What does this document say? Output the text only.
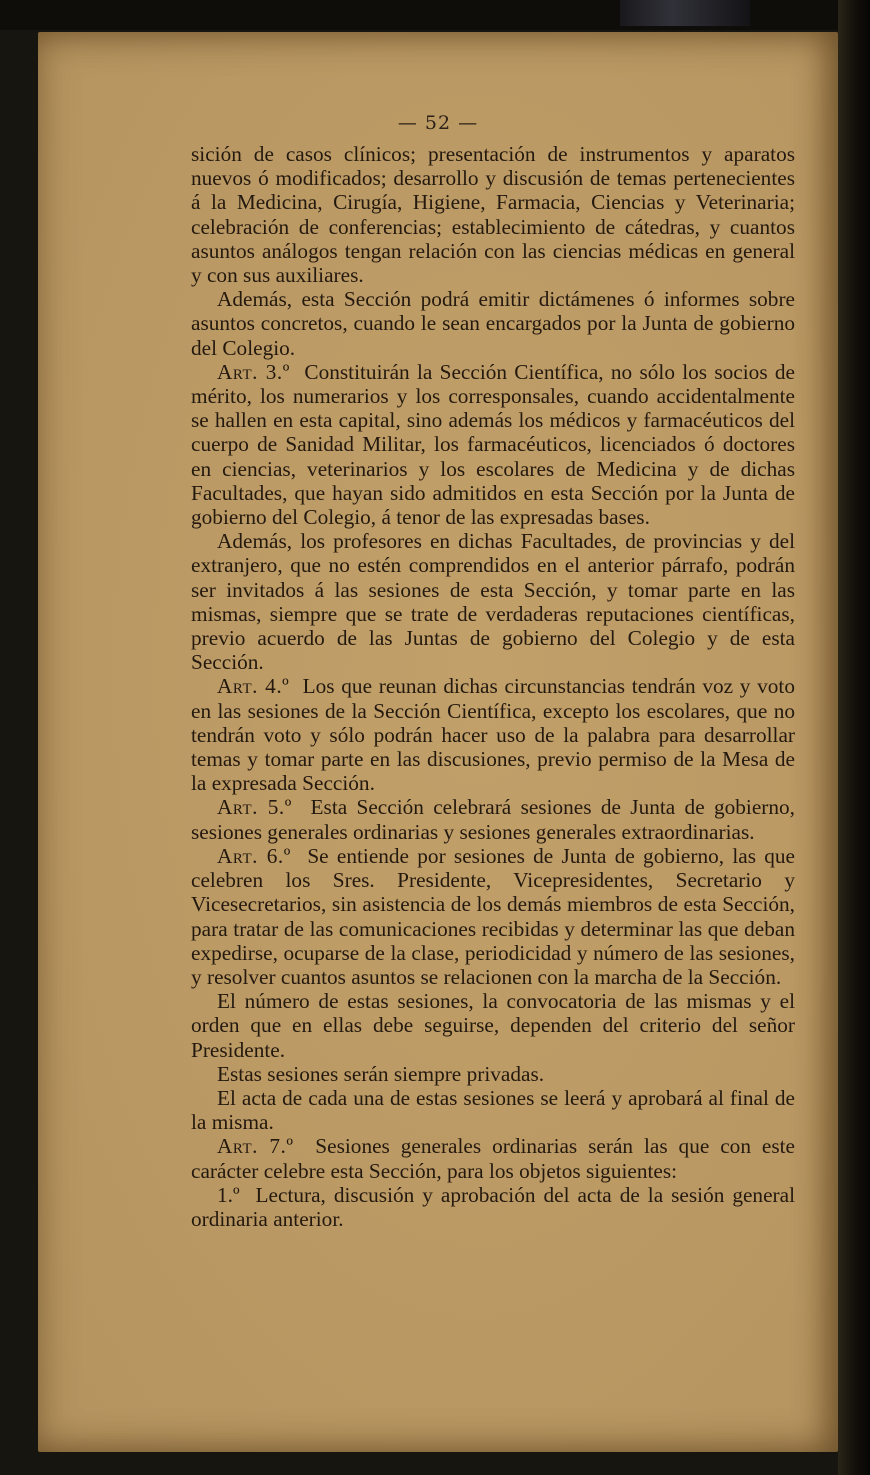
— 52 —

sición de casos clínicos; presentación de instrumentos y aparatos nuevos ó modificados; desarrollo y discusión de temas pertenecientes á la Medicina, Cirugía, Higiene, Farmacia, Ciencias y Veterinaria; celebración de conferencias; establecimiento de cátedras, y cuantos asuntos análogos tengan relación con las ciencias médicas en general y con sus auxiliares.

Además, esta Sección podrá emitir dictámenes ó informes sobre asuntos concretos, cuando le sean encargados por la Junta de gobierno del Colegio.

Art. 3.º Constituirán la Sección Científica, no sólo los socios de mérito, los numerarios y los corresponsales, cuando accidentalmente se hallen en esta capital, sino además los médicos y farmacéuticos del cuerpo de Sanidad Militar, los farmacéuticos, licenciados ó doctores en ciencias, veterinarios y los escolares de Medicina y de dichas Facultades, que hayan sido admitidos en esta Sección por la Junta de gobierno del Colegio, á tenor de las expresadas bases.

Además, los profesores en dichas Facultades, de provincias y del extranjero, que no estén comprendidos en el anterior párrafo, podrán ser invitados á las sesiones de esta Sección, y tomar parte en las mismas, siempre que se trate de verdaderas reputaciones científicas, previo acuerdo de las Juntas de gobierno del Colegio y de esta Sección.

Art. 4.º Los que reunan dichas circunstancias tendrán voz y voto en las sesiones de la Sección Científica, excepto los escolares, que no tendrán voto y sólo podrán hacer uso de la palabra para desarrollar temas y tomar parte en las discusiones, previo permiso de la Mesa de la expresada Sección.

Art. 5.º Esta Sección celebrará sesiones de Junta de gobierno, sesiones generales ordinarias y sesiones generales extraordinarias.

Art. 6.º Se entiende por sesiones de Junta de gobierno, las que celebren los Sres. Presidente, Vicepresidentes, Secretario y Vicesecretarios, sin asistencia de los demás miembros de esta Sección, para tratar de las comunicaciones recibidas y determinar las que deban expedirse, ocuparse de la clase, periodicidad y número de las sesiones, y resolver cuantos asuntos se relacionen con la marcha de la Sección.

El número de estas sesiones, la convocatoria de las mismas y el orden que en ellas debe seguirse, dependen del criterio del señor Presidente.

Estas sesiones serán siempre privadas.

El acta de cada una de estas sesiones se leerá y aprobará al final de la misma.

Art. 7.º Sesiones generales ordinarias serán las que con este carácter celebre esta Sección, para los objetos siguientes:

1.º Lectura, discusión y aprobación del acta de la sesión general ordinaria anterior.
